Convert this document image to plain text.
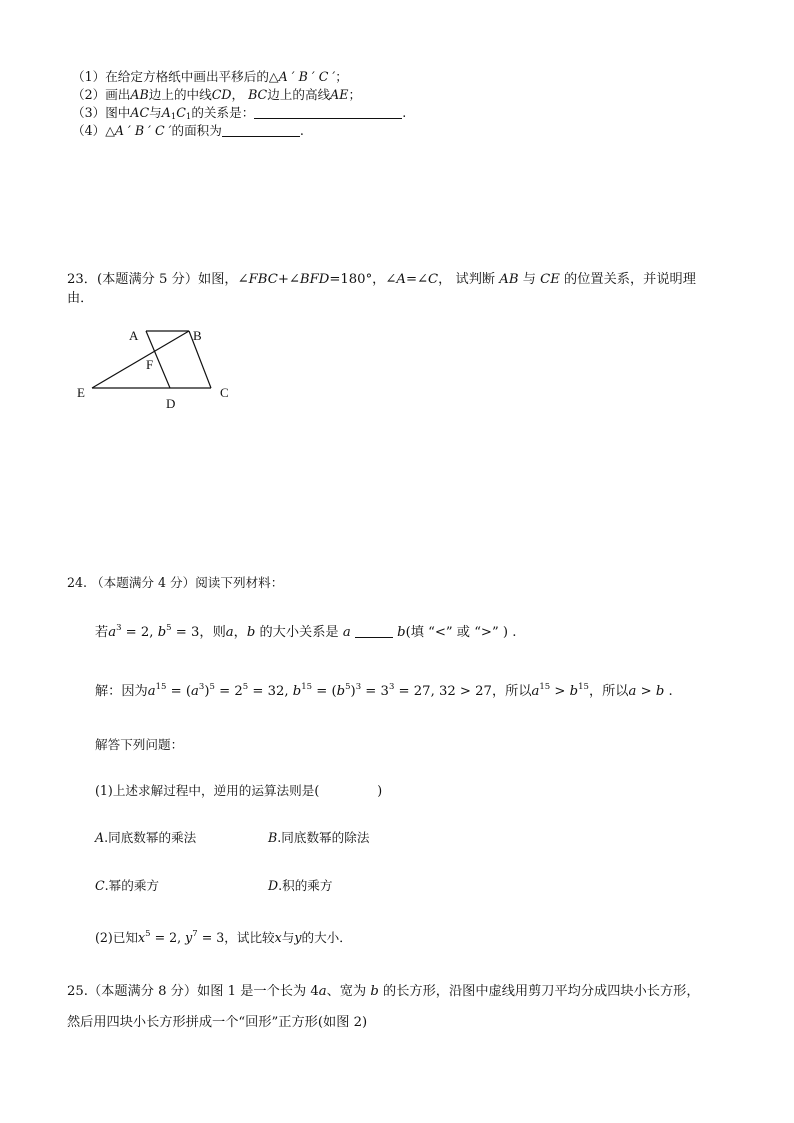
（1）在给定方格纸中画出平移后的△A ′ B ′ C ′；
（2）画出AB边上的中线CD， BC边上的高线AE；
（3）图中AC与$A_1C_1$的关系是：	.
（4）△A ′ B ′ C ′的面积为	.
23．(本题满分 5 分）如图，∠FBC+∠BFD=180°，∠A=∠C， 试判断 AB 与 CE 的位置关系，并说明理
由．
A	B
F
E
D
C
24. （本题满分 4 分）阅读下列材料：
若$a^3 = 2$, $b^5 = 3$，则a，b 的大小关系是 a	b(填 “<” 或 “>” ) .
解：因为$a^{15} = (a^3)^5 = 2^5 = 32$, $b^{15} = (b^5)^3 = 3^3 = 27$, 32 > 27，所以$a^{15} > b^{15}$，所以a > b .
解答下列问题：
(1)上述求解过程中，逆用的运算法则是(	)
A.同底数幂的乘法	B.同底数幂的除法
C.幂的乘方	D.积的乘方
(2)已知$x^5 = 2$, $y^7 = 3$，试比较x与y的大小．
25.（本题满分 8 分）如图 1 是一个长为 4a、宽为 b 的长方形，沿图中虚线用剪刀平均分成四块小长方形，
然后用四块小长方形拼成一个“回形”正方形(如图 2)
